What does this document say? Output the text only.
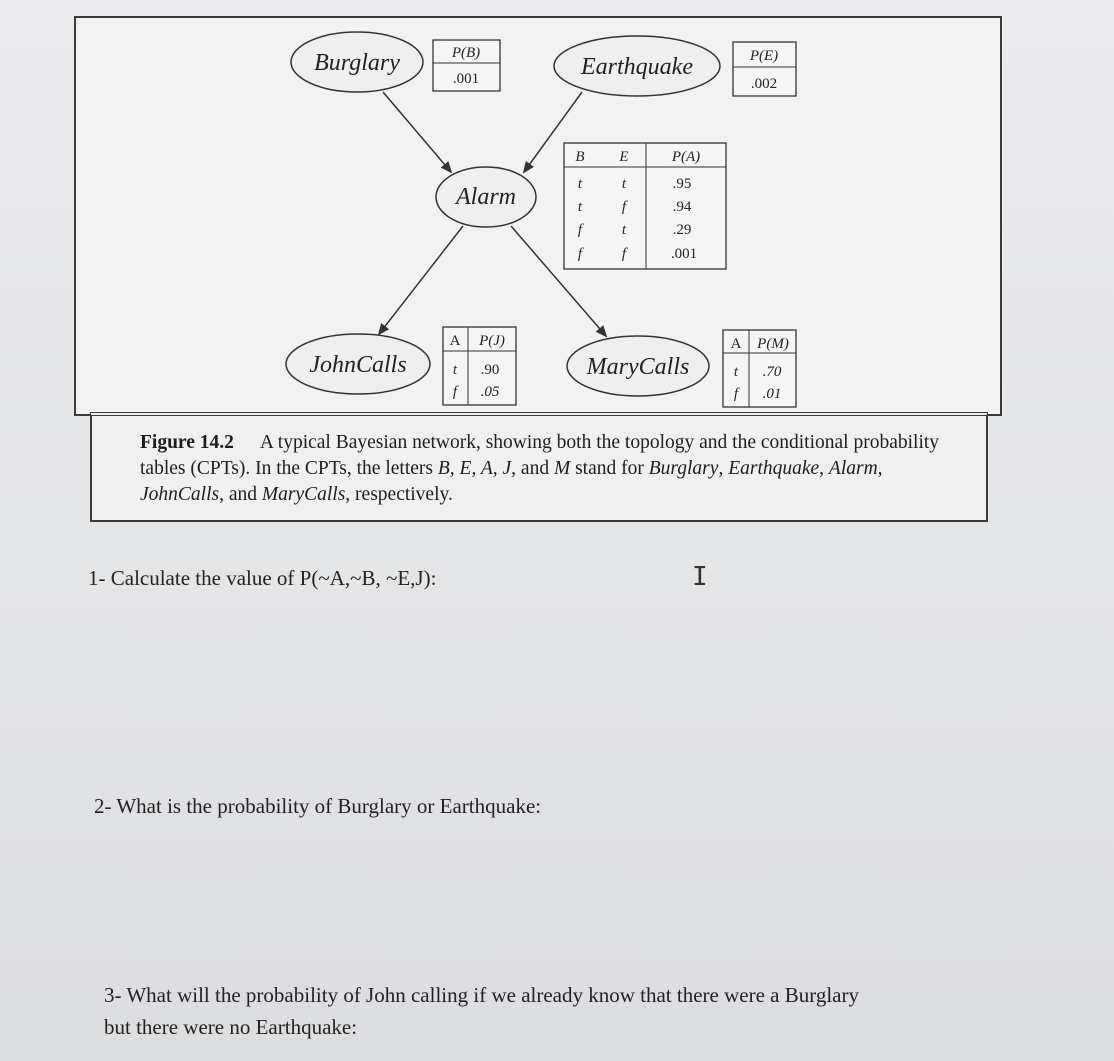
Burglary	Earthquake
Alarm
JohnCalls	MaryCalls
P(B)
.001
P(E)
.002
B E	P(A)
t	t	.95
t	f	.94
f	t	.29
f	f	.001
A P(J)
t .90
f .05
A P(M)
t .70
f .01
Figure 14.2 A typical Bayesian network, showing both the topology and the conditional probability tables (CPTs). In the CPTs, the letters B, E, A, J, and M stand for Burglary, Earthquake, Alarm, JohnCalls, and MaryCalls, respectively.
1- Calculate the value of P(~A,~B, ~E,J):	I
2- What is the probability of Burglary or Earthquake:
3- What will the probability of John calling if we already know that there were a Burglary
but there were no Earthquake:
